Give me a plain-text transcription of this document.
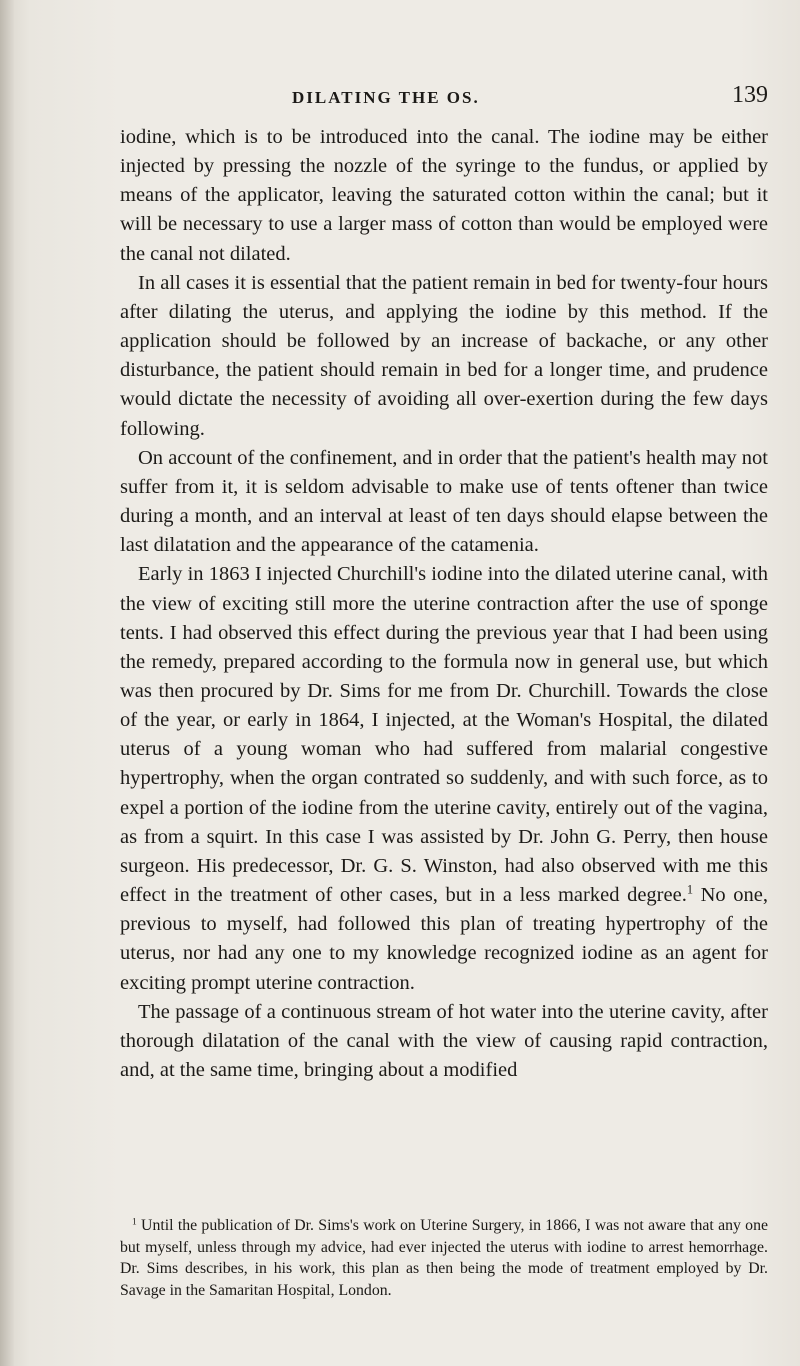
DILATING THE OS.	139

iodine, which is to be introduced into the canal. The iodine may be either injected by pressing the nozzle of the syringe to the fundus, or applied by means of the applicator, leaving the saturated cotton within the canal; but it will be necessary to use a larger mass of cotton than would be employed were the canal not dilated.

In all cases it is essential that the patient remain in bed for twenty-four hours after dilating the uterus, and applying the iodine by this method. If the application should be followed by an increase of backache, or any other disturbance, the patient should remain in bed for a longer time, and prudence would dictate the necessity of avoiding all over-exertion during the few days following.

On account of the confinement, and in order that the patient's health may not suffer from it, it is seldom advisable to make use of tents oftener than twice during a month, and an interval at least of ten days should elapse between the last dilatation and the appearance of the catamenia.

Early in 1863 I injected Churchill's iodine into the dilated uterine canal, with the view of exciting still more the uterine contraction after the use of sponge tents. I had observed this effect during the previous year that I had been using the remedy, prepared according to the formula now in general use, but which was then procured by Dr. Sims for me from Dr. Churchill. Towards the close of the year, or early in 1864, I injected, at the Woman's Hospital, the dilated uterus of a young woman who had suffered from malarial congestive hypertrophy, when the organ contrated so suddenly, and with such force, as to expel a portion of the iodine from the uterine cavity, entirely out of the vagina, as from a squirt. In this case I was assisted by Dr. John G. Perry, then house surgeon. His predecessor, Dr. G. S. Winston, had also observed with me this effect in the treatment of other cases, but in a less marked degree.$^1$ No one, previous to myself, had followed this plan of treating hypertrophy of the uterus, nor had any one to my knowledge recognized iodine as an agent for exciting prompt uterine contraction.

The passage of a continuous stream of hot water into the uterine cavity, after thorough dilatation of the canal with the view of causing rapid contraction, and, at the same time, bringing about a modified

$^1$ Until the publication of Dr. Sims's work on Uterine Surgery, in 1866, I was not aware that any one but myself, unless through my advice, had ever injected the uterus with iodine to arrest hemorrhage. Dr. Sims describes, in his work, this plan as then being the mode of treatment employed by Dr. Savage in the Samaritan Hospital, London.
